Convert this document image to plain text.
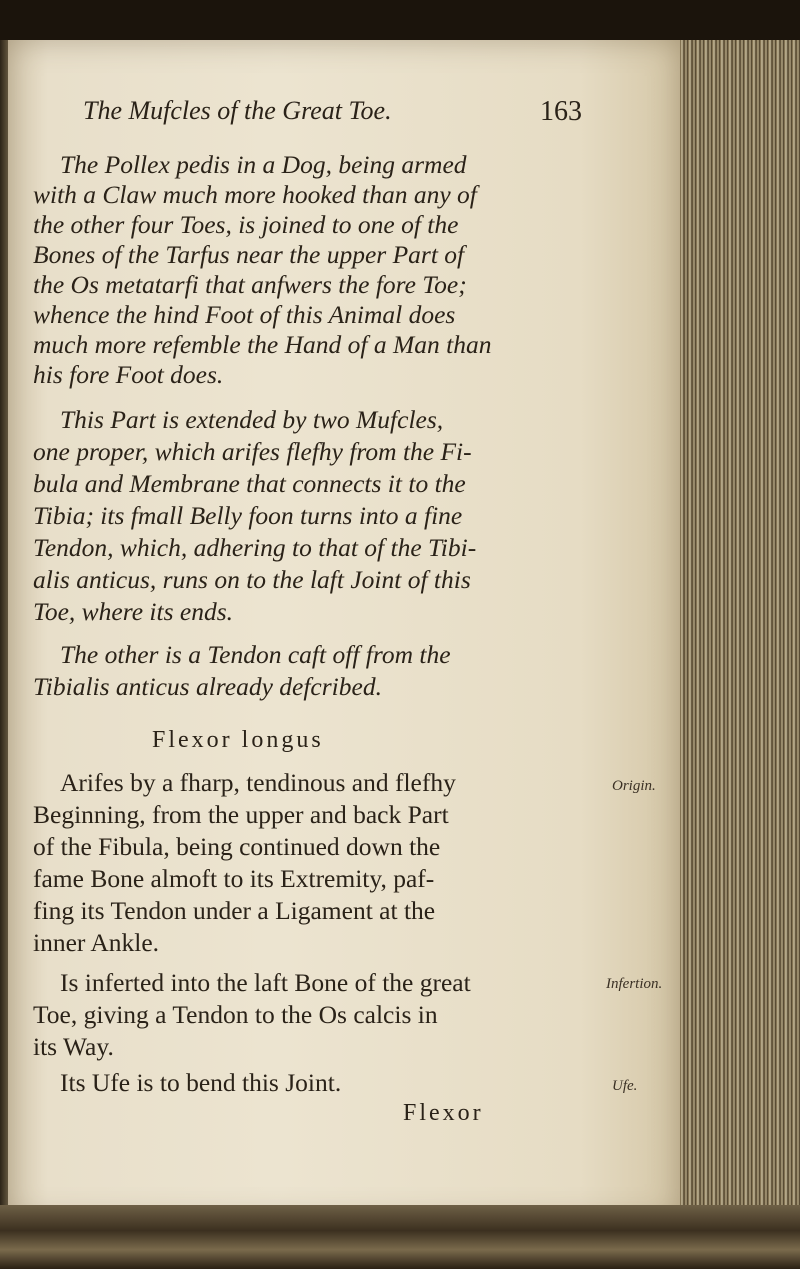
The Mufcles of the Great Toe.	163
The Pollex pedis in a Dog, being armed
with a Claw much more hooked than any of
the other four Toes, is joined to one of the
Bones of the Tarfus near the upper Part of
the Os metatarfi that anfwers the fore Toe;
whence the hind Foot of this Animal does
much more refemble the Hand of a Man than
his fore Foot does.
This Part is extended by two Mufcles,
one proper, which arifes flefhy from the Fi-
bula and Membrane that connects it to the
Tibia; its fmall Belly foon turns into a fine
Tendon, which, adhering to that of the Tibi-
alis anticus, runs on to the laft Joint of this
Toe, where its ends.
The other is a Tendon caft off from the
Tibialis anticus already defcribed.
Flexor longus
Arifes by a fharp, tendinous and flefhy
Beginning, from the upper and back Part
of the Fibula, being continued down the
fame Bone almoft to its Extremity, paf-
fing its Tendon under a Ligament at the
inner Ankle.
Origin.
Is inferted into the laft Bone of the great
Toe, giving a Tendon to the Os calcis in
its Way.
Infertion.
Its Ufe is to bend this Joint.	Ufe.
Flexor
